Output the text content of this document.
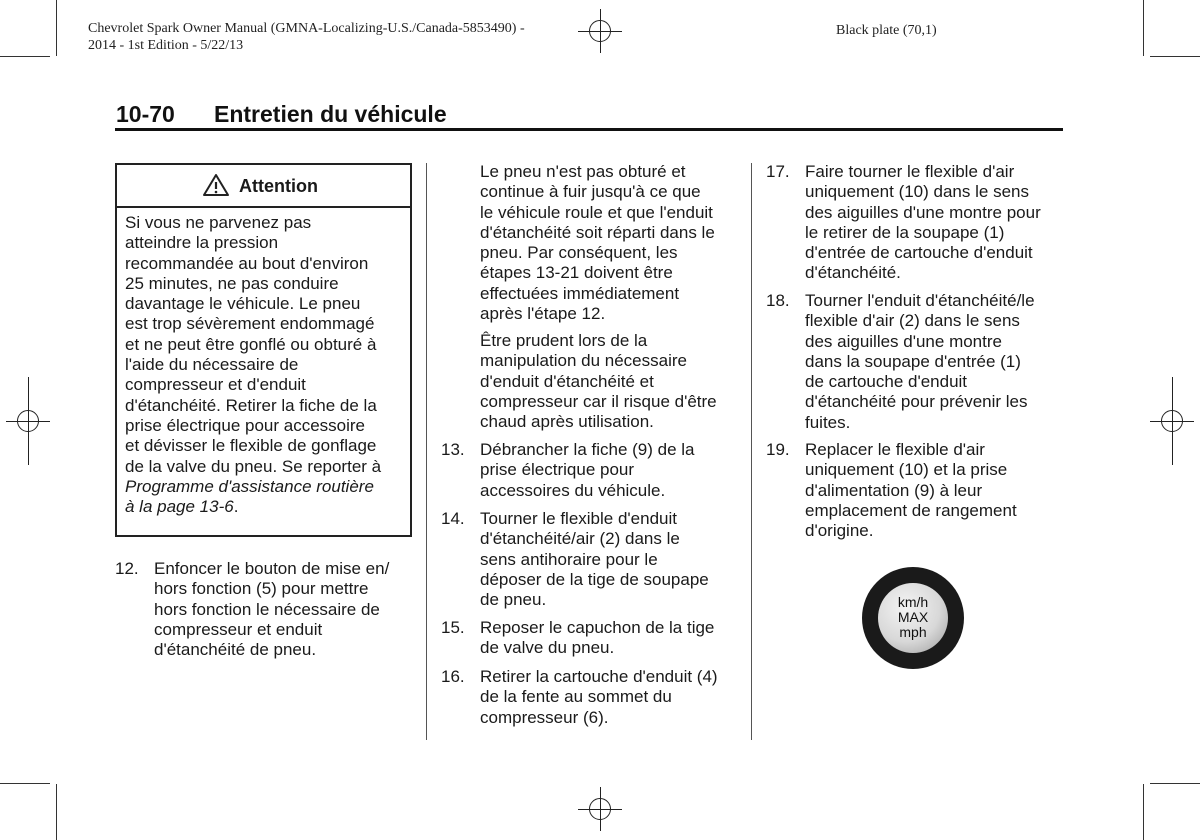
Chevrolet Spark Owner Manual (GMNA-Localizing-U.S./Canada-5853490) -
2014 - 1st Edition - 5/22/13
Black plate (70,1)
10-70 Entretien du véhicule
Attention
Si vous ne parvenez pas
atteindre la pression
recommandée au bout d'environ
25 minutes, ne pas conduire
davantage le véhicule. Le pneu
est trop sévèrement endommagé
et ne peut être gonflé ou obturé à
l'aide du nécessaire de
compresseur et d'enduit
d'étanchéité. Retirer la fiche de la
prise électrique pour accessoire
et dévisser le flexible de gonflage
de la valve du pneu. Se reporter à
Programme d'assistance routière
à la page 13-6.
12. Enfoncer le bouton de mise en/
hors fonction (5) pour mettre
hors fonction le nécessaire de
compresseur et enduit
d'étanchéité de pneu.
Le pneu n'est pas obturé et
continue à fuir jusqu'à ce que
le véhicule roule et que l'enduit
d'étanchéité soit réparti dans le
pneu. Par conséquent, les
étapes 13-21 doivent être
effectuées immédiatement
après l'étape 12.
Être prudent lors de la
manipulation du nécessaire
d'enduit d'étanchéité et
compresseur car il risque d'être
chaud après utilisation.
13. Débrancher la fiche (9) de la
prise électrique pour
accessoires du véhicule.
14. Tourner le flexible d'enduit
d'étanchéité/air (2) dans le
sens antihoraire pour le
déposer de la tige de soupape
de pneu.
15. Reposer le capuchon de la tige
de valve du pneu.
16. Retirer la cartouche d'enduit (4)
de la fente au sommet du
compresseur (6).
17. Faire tourner le flexible d'air
uniquement (10) dans le sens
des aiguilles d'une montre pour
le retirer de la soupape (1)
d'entrée de cartouche d'enduit
d'étanchéité.
18. Tourner l'enduit d'étanchéité/le
flexible d'air (2) dans le sens
des aiguilles d'une montre
dans la soupape d'entrée (1)
de cartouche d'enduit
d'étanchéité pour prévenir les
fuites.
19. Replacer le flexible d'air
uniquement (10) et la prise
d'alimentation (9) à leur
emplacement de rangement
d'origine.
km/h
MAX
mph
